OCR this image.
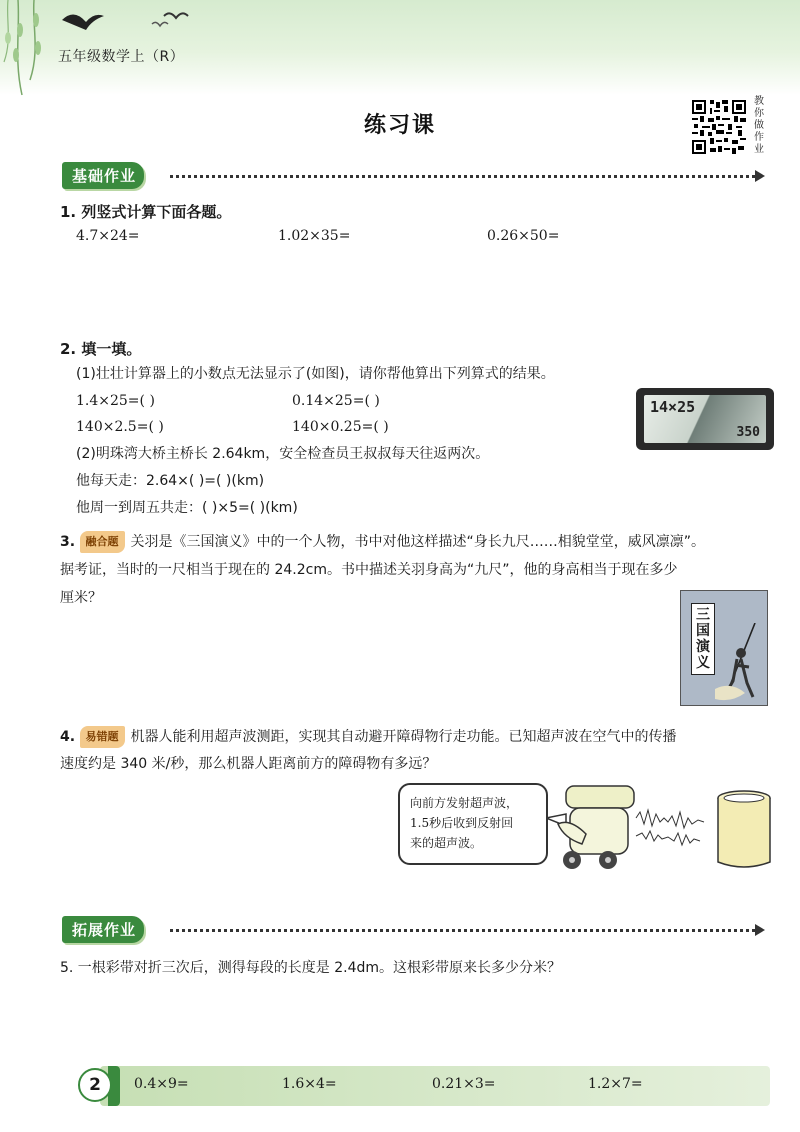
五年级数学上（R）
练习课
教
你
做
作
业
基础作业
1. 列竖式计算下面各题。
4.7×24=	1.02×35=	0.26×50=
2. 填一填。
(1)壮壮计算器上的小数点无法显示了(如图)，请你帮他算出下列算式的结果。
1.4×25=( )	0.14×25=( )
140×2.5=( )	140×0.25=( )
14×25
350
(2)明珠湾大桥主桥长 2.64km，安全检查员王叔叔每天往返两次。
他每天走：2.64×( )=( )(km)
他周一到周五共走：( )×5=( )(km)
3. 融合题 关羽是《三国演义》中的一个人物，书中对他这样描述“身长九尺……相貌堂堂，威风凛凛”。
据考证，当时的一尺相当于现在的 24.2cm。书中描述关羽身高为“九尺”，他的身高相当于现在多少
厘米？
三国演义
4. 易错题 机器人能利用超声波测距，实现其自动避开障碍物行走功能。已知超声波在空气中的传播
速度约是 340 米/秒，那么机器人距离前方的障碍物有多远？
向前方发射超声波，
1.5秒后收到反射回
来的超声波。
拓展作业
5. 一根彩带对折三次后，测得每段的长度是 2.4dm。这根彩带原来长多少分米？
2	0.4×9=	1.6×4=	0.21×3=	1.2×7=
